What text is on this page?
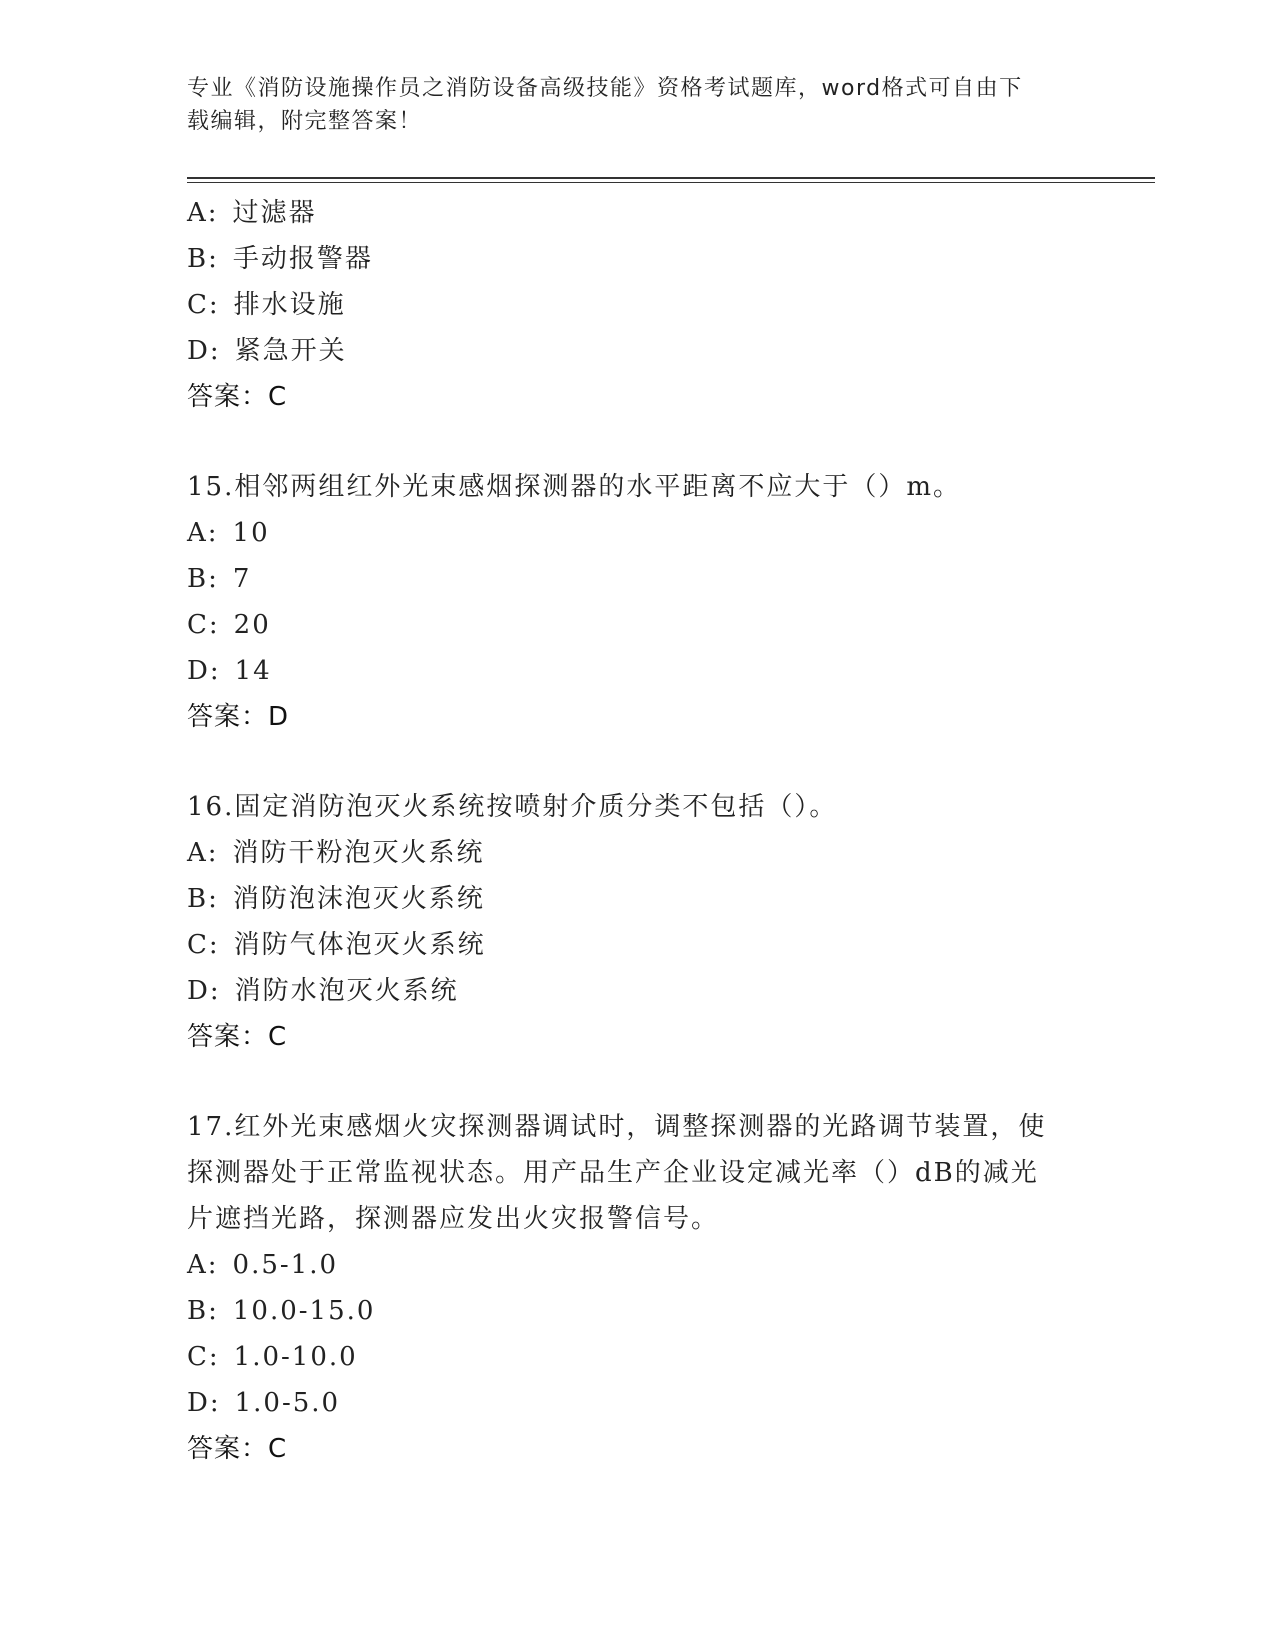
专业《消防设施操作员之消防设备高级技能》资格考试题库，word格式可自由下
载编辑，附完整答案！
A: 过滤器
B: 手动报警器
C: 排水设施
D: 紧急开关
答案：C
15.相邻两组红外光束感烟探测器的水平距离不应大于（）m。
A: 10
B: 7
C: 20
D: 14
答案：D
16.固定消防泡灭火系统按喷射介质分类不包括（）。
A: 消防干粉泡灭火系统
B: 消防泡沫泡灭火系统
C: 消防气体泡灭火系统
D: 消防水泡灭火系统
答案：C
17.红外光束感烟火灾探测器调试时，调整探测器的光路调节装置，使
探测器处于正常监视状态。用产品生产企业设定减光率（）dB的减光
片遮挡光路，探测器应发出火灾报警信号。
A: 0.5-1.0
B: 10.0-15.0
C: 1.0-10.0
D: 1.0-5.0
答案：C
